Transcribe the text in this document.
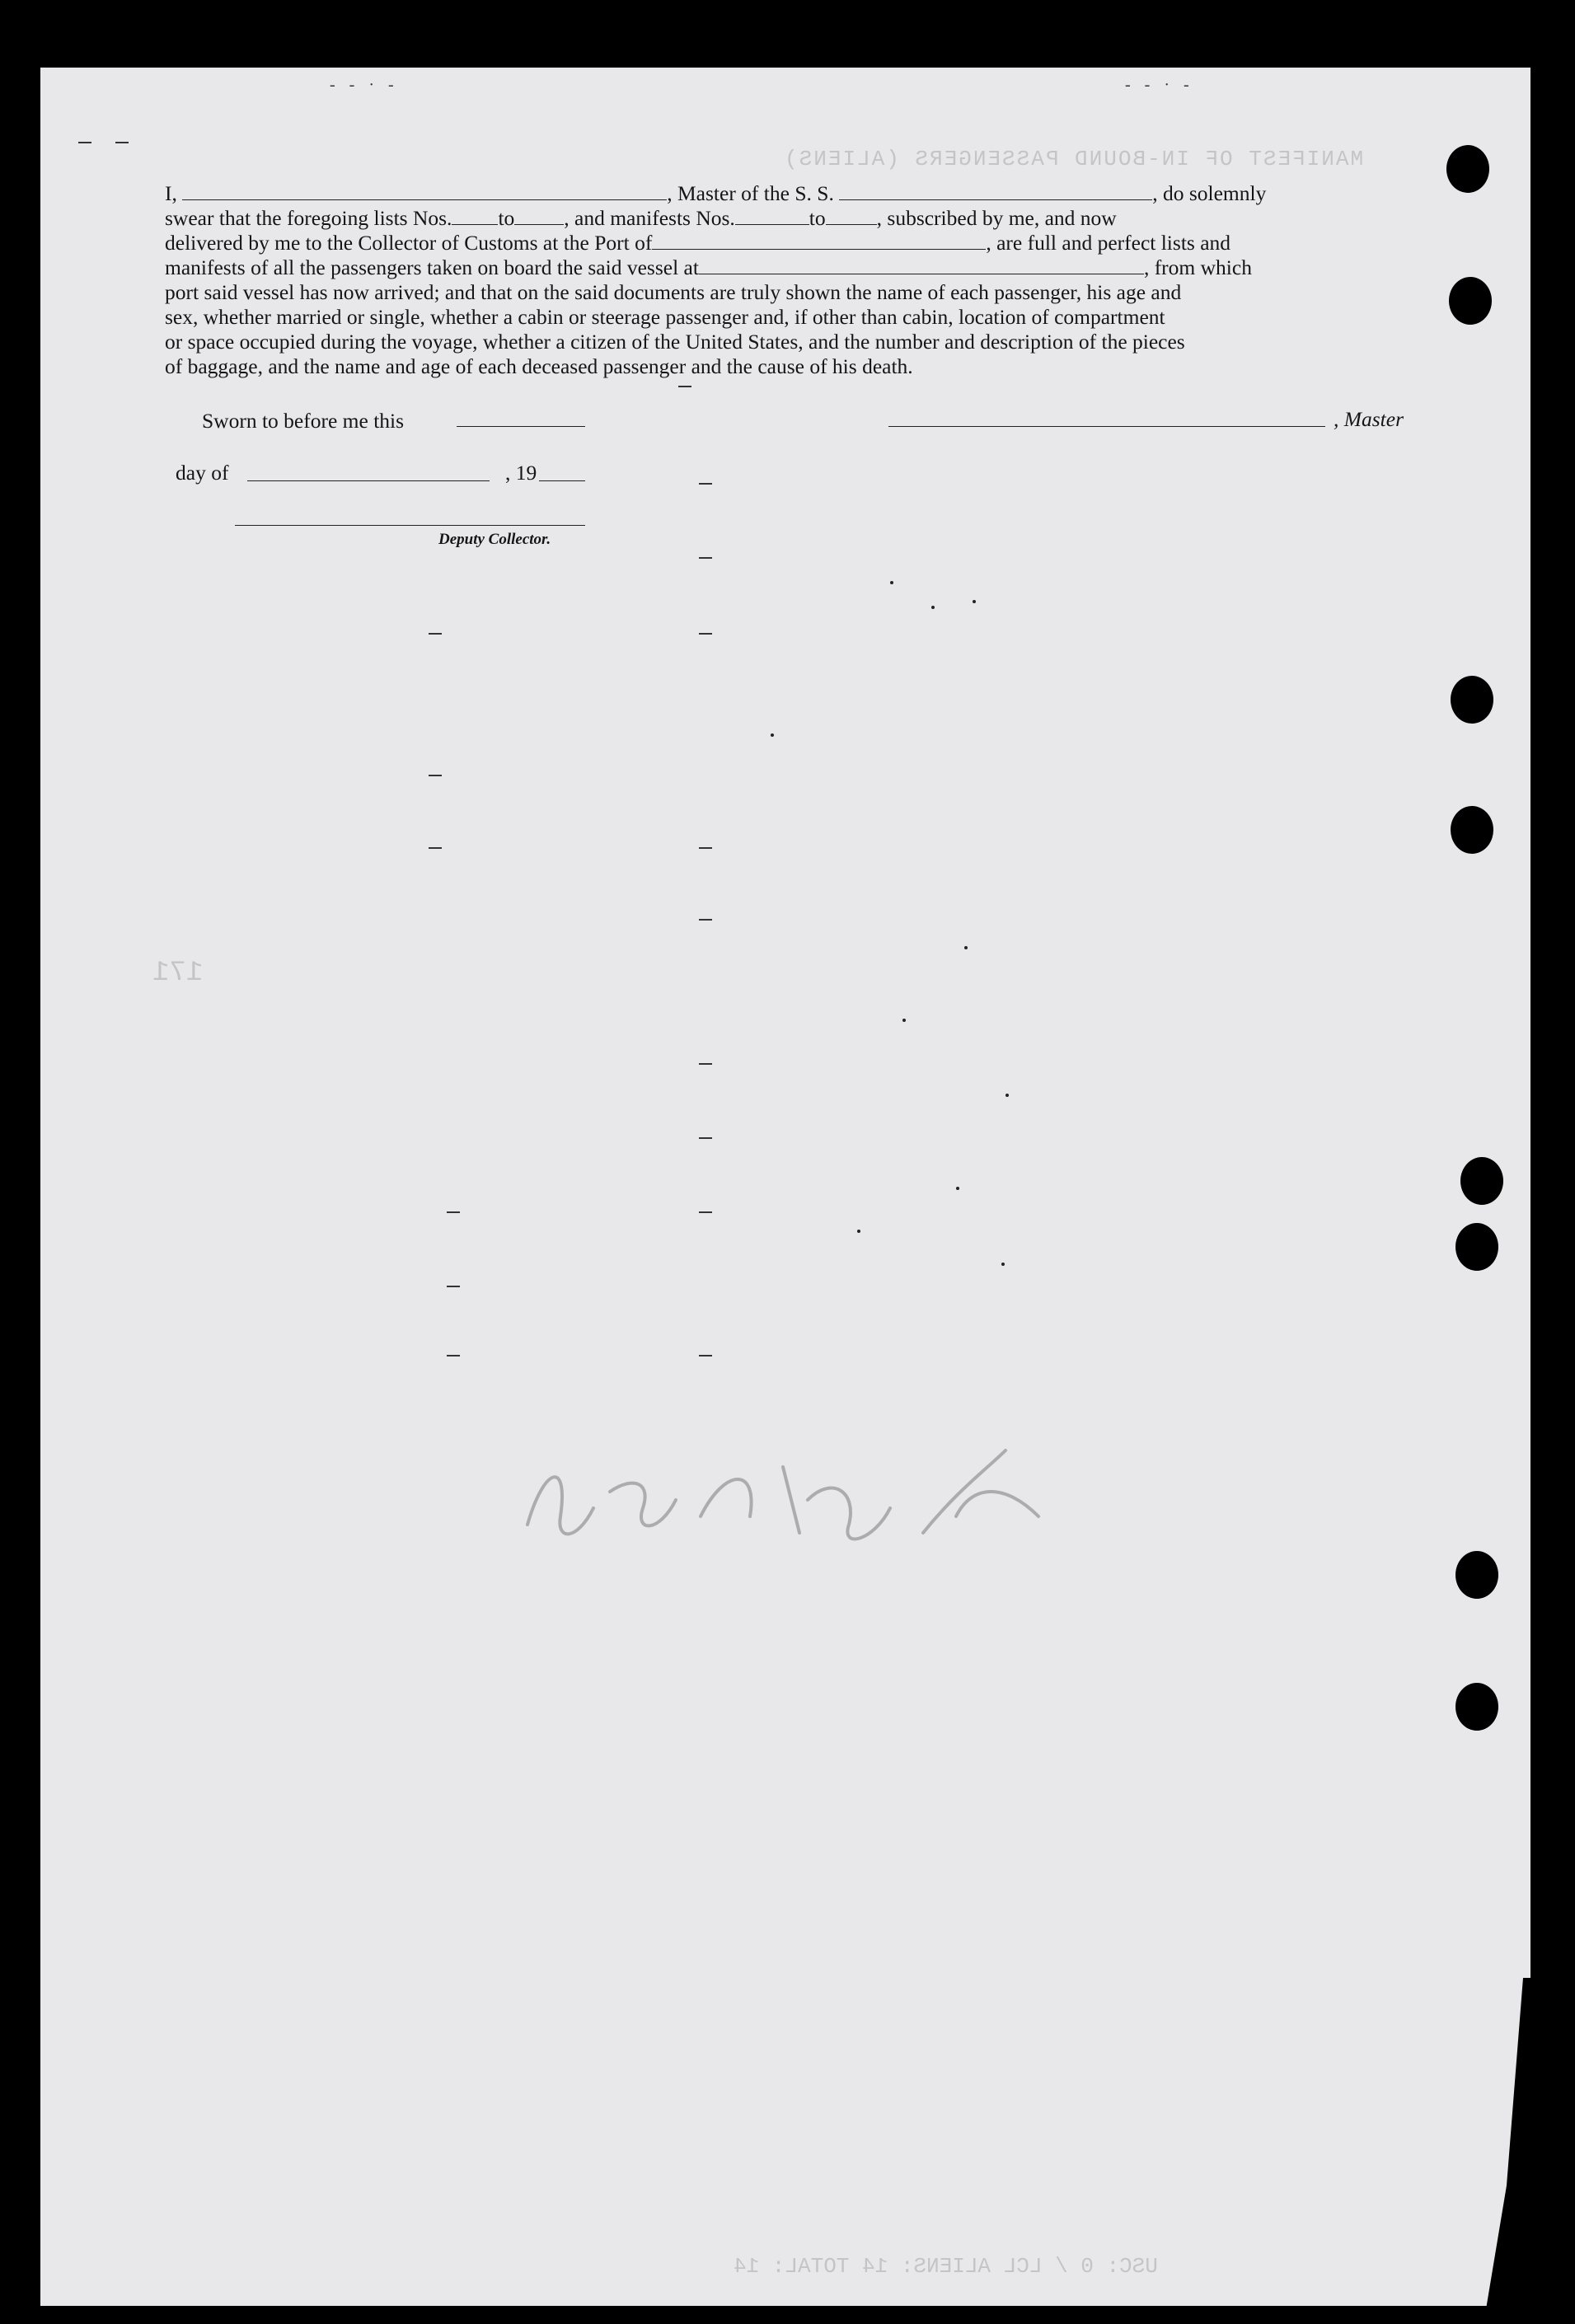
- - · -	- - · -
MANIFEST OF IN-BOUND PASSENGERS (ALIENS)
USC: 0 / LCL ALIENS: 14 TOTAL: 14
171

I,	, Master of the S. S.	, do solemnly

swear that the foregoing lists Nos. to , and manifests Nos.	to , subscribed by me, and now

delivered by me to the Collector of Customs at the Port of	, are full and perfect lists and

manifests of all the passengers taken on board the said vessel at	, from which

port said vessel has now arrived; and that on the said documents are truly shown the name of each passenger, his age and

sex, whether married or single, whether a cabin or steerage passenger and, if other than cabin, location of compartment

or space occupied during the voyage, whether a citizen of the United States, and the number and description of the pieces

of baggage, and the name and age of each deceased passenger and the cause of his death.

Sworn to before me this	, Master
day of	, 19
Deputy Collector.
